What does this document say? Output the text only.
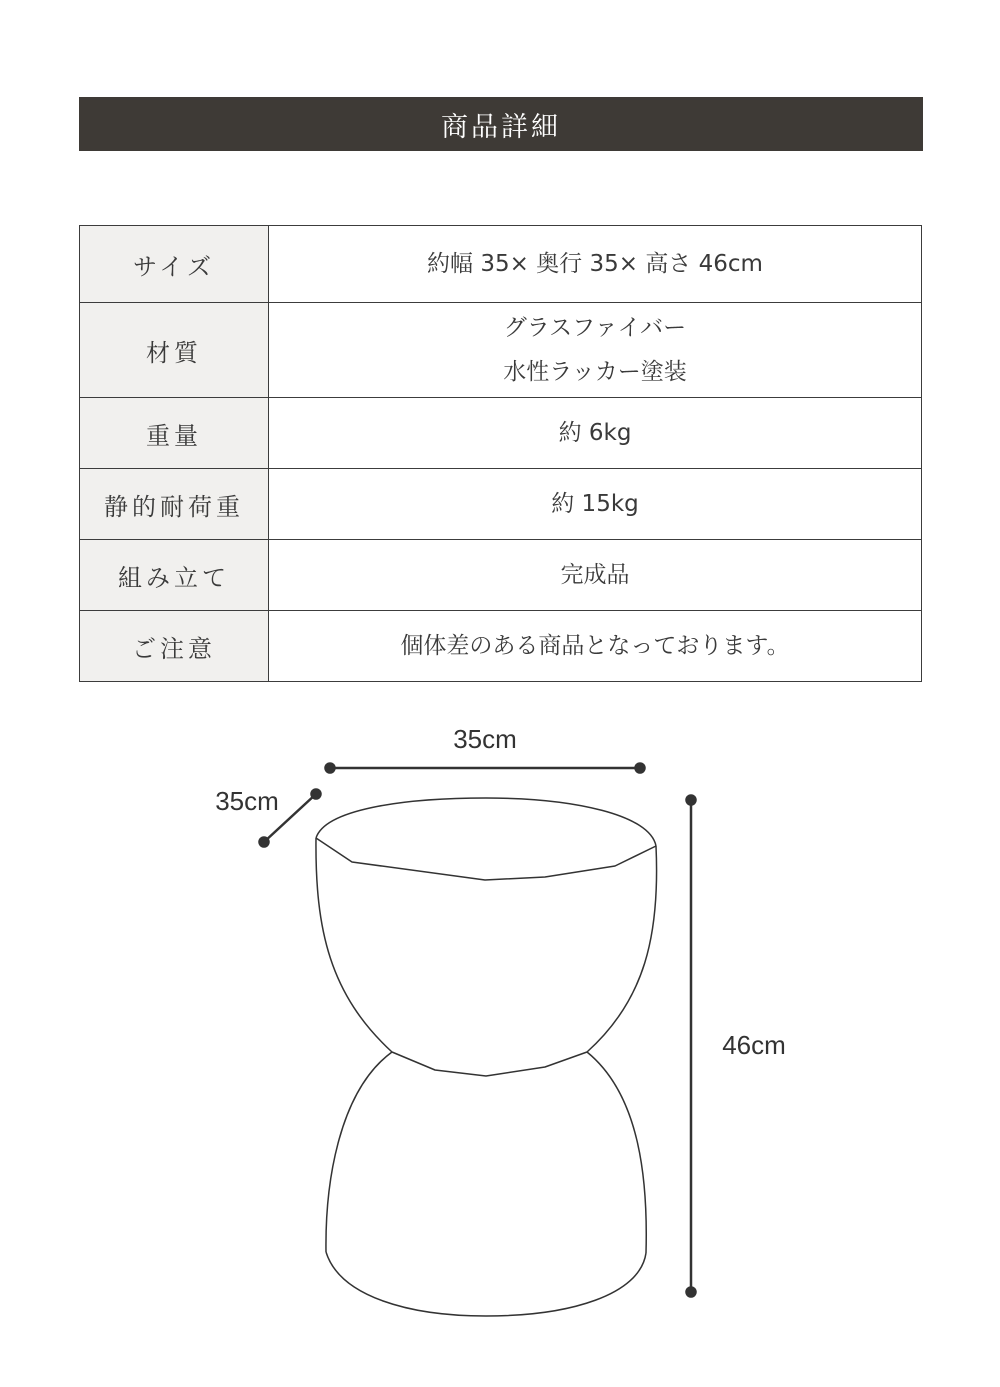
商品詳細
サイズ	約幅 35× 奥行 35× 高さ 46cm

材質	グラスファイバー
水性ラッカー塗装

重量	約 6kg

静的耐荷重	約 15kg

組み立て	完成品

ご注意	個体差のある商品となっております。
35cm
35cm
46cm
